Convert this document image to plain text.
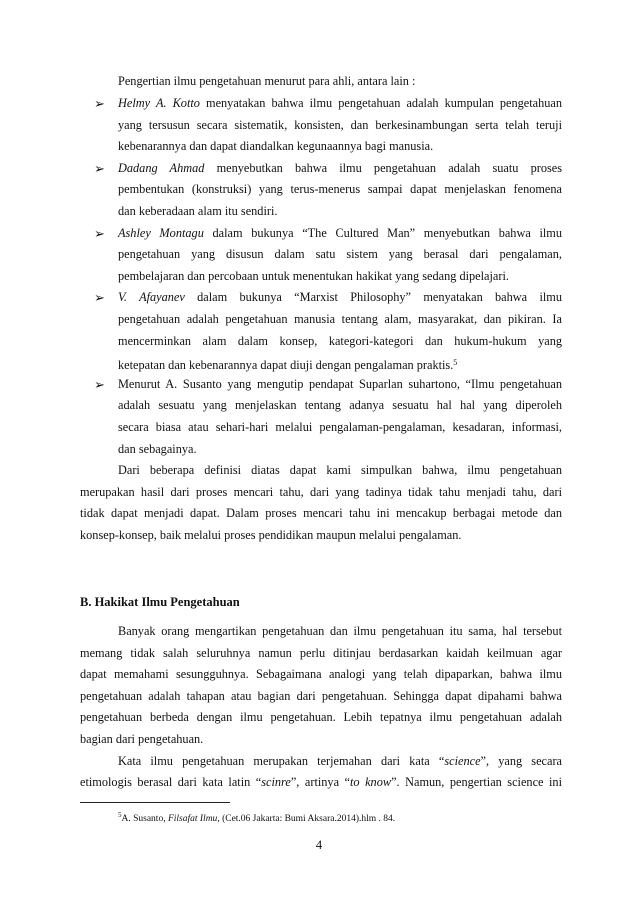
Pengertian ilmu pengetahuan menurut para ahli, antara lain :
➢ Helmy A. Kotto menyatakan bahwa ilmu pengetahuan adalah kumpulan pengetahuan
yang tersusun secara sistematik, konsisten, dan berkesinambungan serta telah teruji
kebenarannya dan dapat diandalkan kegunaannya bagi manusia.
➢ Dadang Ahmad menyebutkan bahwa ilmu pengetahuan adalah suatu proses
pembentukan (konstruksi) yang terus-menerus sampai dapat menjelaskan fenomena
dan keberadaan alam itu sendiri.
➢ Ashley Montagu dalam bukunya “The Cultured Man” menyebutkan bahwa ilmu
pengetahuan yang disusun dalam satu sistem yang berasal dari pengalaman,
pembelajaran dan percobaan untuk menentukan hakikat yang sedang dipelajari.
➢ V. Afayanev dalam bukunya “Marxist Philosophy” menyatakan bahwa ilmu
pengetahuan adalah pengetahuan manusia tentang alam, masyarakat, dan pikiran. Ia
mencerminkan alam dalam konsep, kategori-kategori dan hukum-hukum yang
ketepatan dan kebenarannya dapat diuji dengan pengalaman praktis.$^5$
➢ Menurut A. Susanto yang mengutip pendapat Suparlan suhartono, “Ilmu pengetahuan
adalah sesuatu yang menjelaskan tentang adanya sesuatu hal hal yang diperoleh
secara biasa atau sehari-hari melalui pengalaman-pengalaman, kesadaran, informasi,
dan sebagainya.
Dari beberapa definisi diatas dapat kami simpulkan bahwa, ilmu pengetahuan
merupakan hasil dari proses mencari tahu, dari yang tadinya tidak tahu menjadi tahu, dari
tidak dapat menjadi dapat. Dalam proses mencari tahu ini mencakup berbagai metode dan
konsep-konsep, baik melalui proses pendidikan maupun melalui pengalaman.
B. Hakikat Ilmu Pengetahuan
Banyak orang mengartikan pengetahuan dan ilmu pengetahuan itu sama, hal tersebut
memang tidak salah seluruhnya namun perlu ditinjau berdasarkan kaidah keilmuan agar
dapat memahami sesungguhnya. Sebagaimana analogi yang telah dipaparkan, bahwa ilmu
pengetahuan adalah tahapan atau bagian dari pengetahuan. Sehingga dapat dipahami bahwa
pengetahuan berbeda dengan ilmu pengetahuan. Lebih tepatnya ilmu pengetahuan adalah
bagian dari pengetahuan.
Kata ilmu pengetahuan merupakan terjemahan dari kata “science”, yang secara
etimologis berasal dari kata latin “scinre”, artinya “to know”. Namun, pengertian science ini
$^5$A. Susanto, Filsafat Ilmu, (Cet.06 Jakarta: Bumi Aksara.2014).hlm . 84.
4
